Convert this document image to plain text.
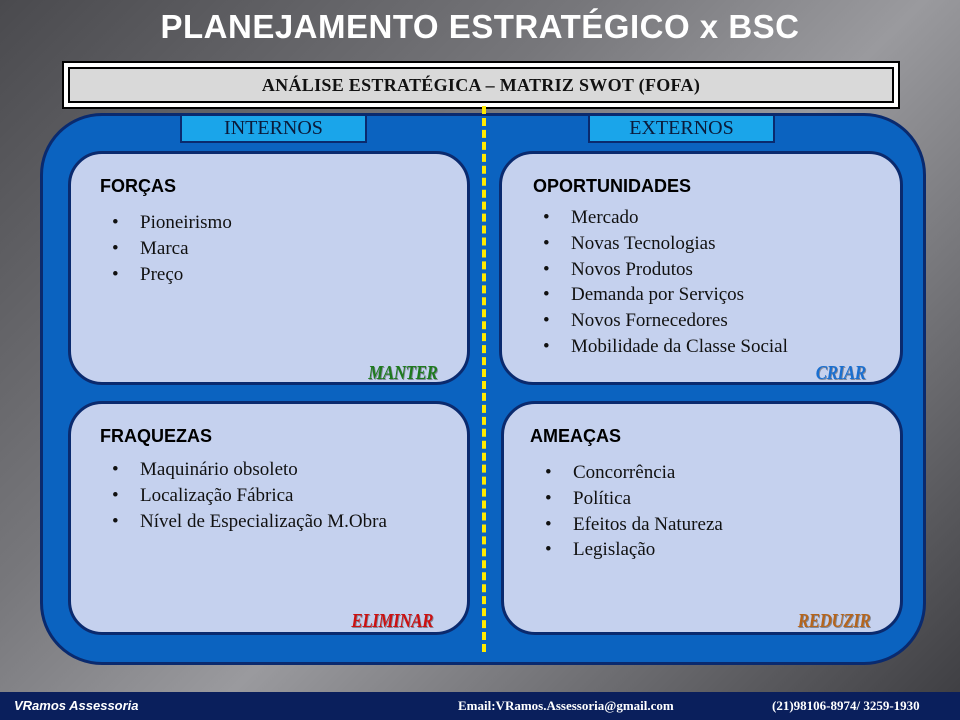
PLANEJAMENTO ESTRATÉGICO x BSC
ANÁLISE ESTRATÉGICA – MATRIZ SWOT (FOFA)
INTERNOS	EXTERNOS
FORÇAS
• Pioneirismo
• Marca
• Preço
MANTER
OPORTUNIDADES
• Mercado
• Novas Tecnologias
• Novos Produtos
• Demanda por Serviços
• Novos Fornecedores
• Mobilidade da Classe Social
CRIAR
FRAQUEZAS
• Maquinário obsoleto
• Localização Fábrica
• Nível de Especialização M.Obra
ELIMINAR
AMEAÇAS
• Concorrência
• Política
• Efeitos da Natureza
• Legislação
REDUZIR
VRamos Assessoria	Email:VRamos.Assessoria@gmail.com	(21)98106-8974/ 3259-1930
